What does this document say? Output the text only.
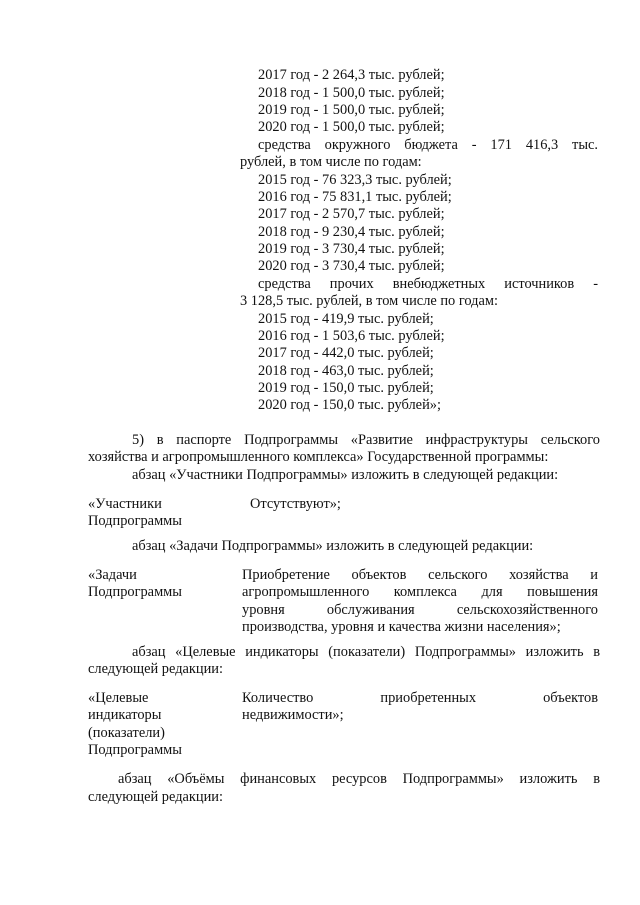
2017 год - 2 264,3 тыс. рублей;
2018 год - 1 500,0 тыс. рублей;
2019 год - 1 500,0 тыс. рублей;
2020 год - 1 500,0 тыс. рублей;
средства окружного бюджета - 171 416,3 тыс.
рублей, в том числе по годам:
2015 год - 76 323,3 тыс. рублей;
2016 год - 75 831,1 тыс. рублей;
2017 год - 2 570,7 тыс. рублей;
2018 год - 9 230,4 тыс. рублей;
2019 год - 3 730,4 тыс. рублей;
2020 год - 3 730,4 тыс. рублей;
средства прочих внебюджетных источников -
3 128,5 тыс. рублей, в том числе по годам:
2015 год - 419,9 тыс. рублей;
2016 год - 1 503,6 тыс. рублей;
2017 год - 442,0 тыс. рублей;
2018 год - 463,0 тыс. рублей;
2019 год - 150,0 тыс. рублей;
2020 год - 150,0 тыс. рублей»;
5) в паспорте Подпрограммы «Развитие инфраструктуры сельского
хозяйства и агропромышленного комплекса» Государственной программы:
абзац «Участники Подпрограммы» изложить в следующей редакции:
«Участники
Подпрограммы
Отсутствуют»;
абзац «Задачи Подпрограммы» изложить в следующей редакции:
«Задачи
Подпрограммы
Приобретение объектов сельского хозяйства и
агропромышленного комплекса для повышения
уровня обслуживания сельскохозяйственного
производства, уровня и качества жизни населения»;
абзац «Целевые индикаторы (показатели) Подпрограммы» изложить в
следующей редакции:
«Целевые
индикаторы
(показатели)
Подпрограммы
Количество приобретенных объектов
недвижимости»;
абзац «Объёмы финансовых ресурсов Подпрограммы» изложить в
следующей редакции:
